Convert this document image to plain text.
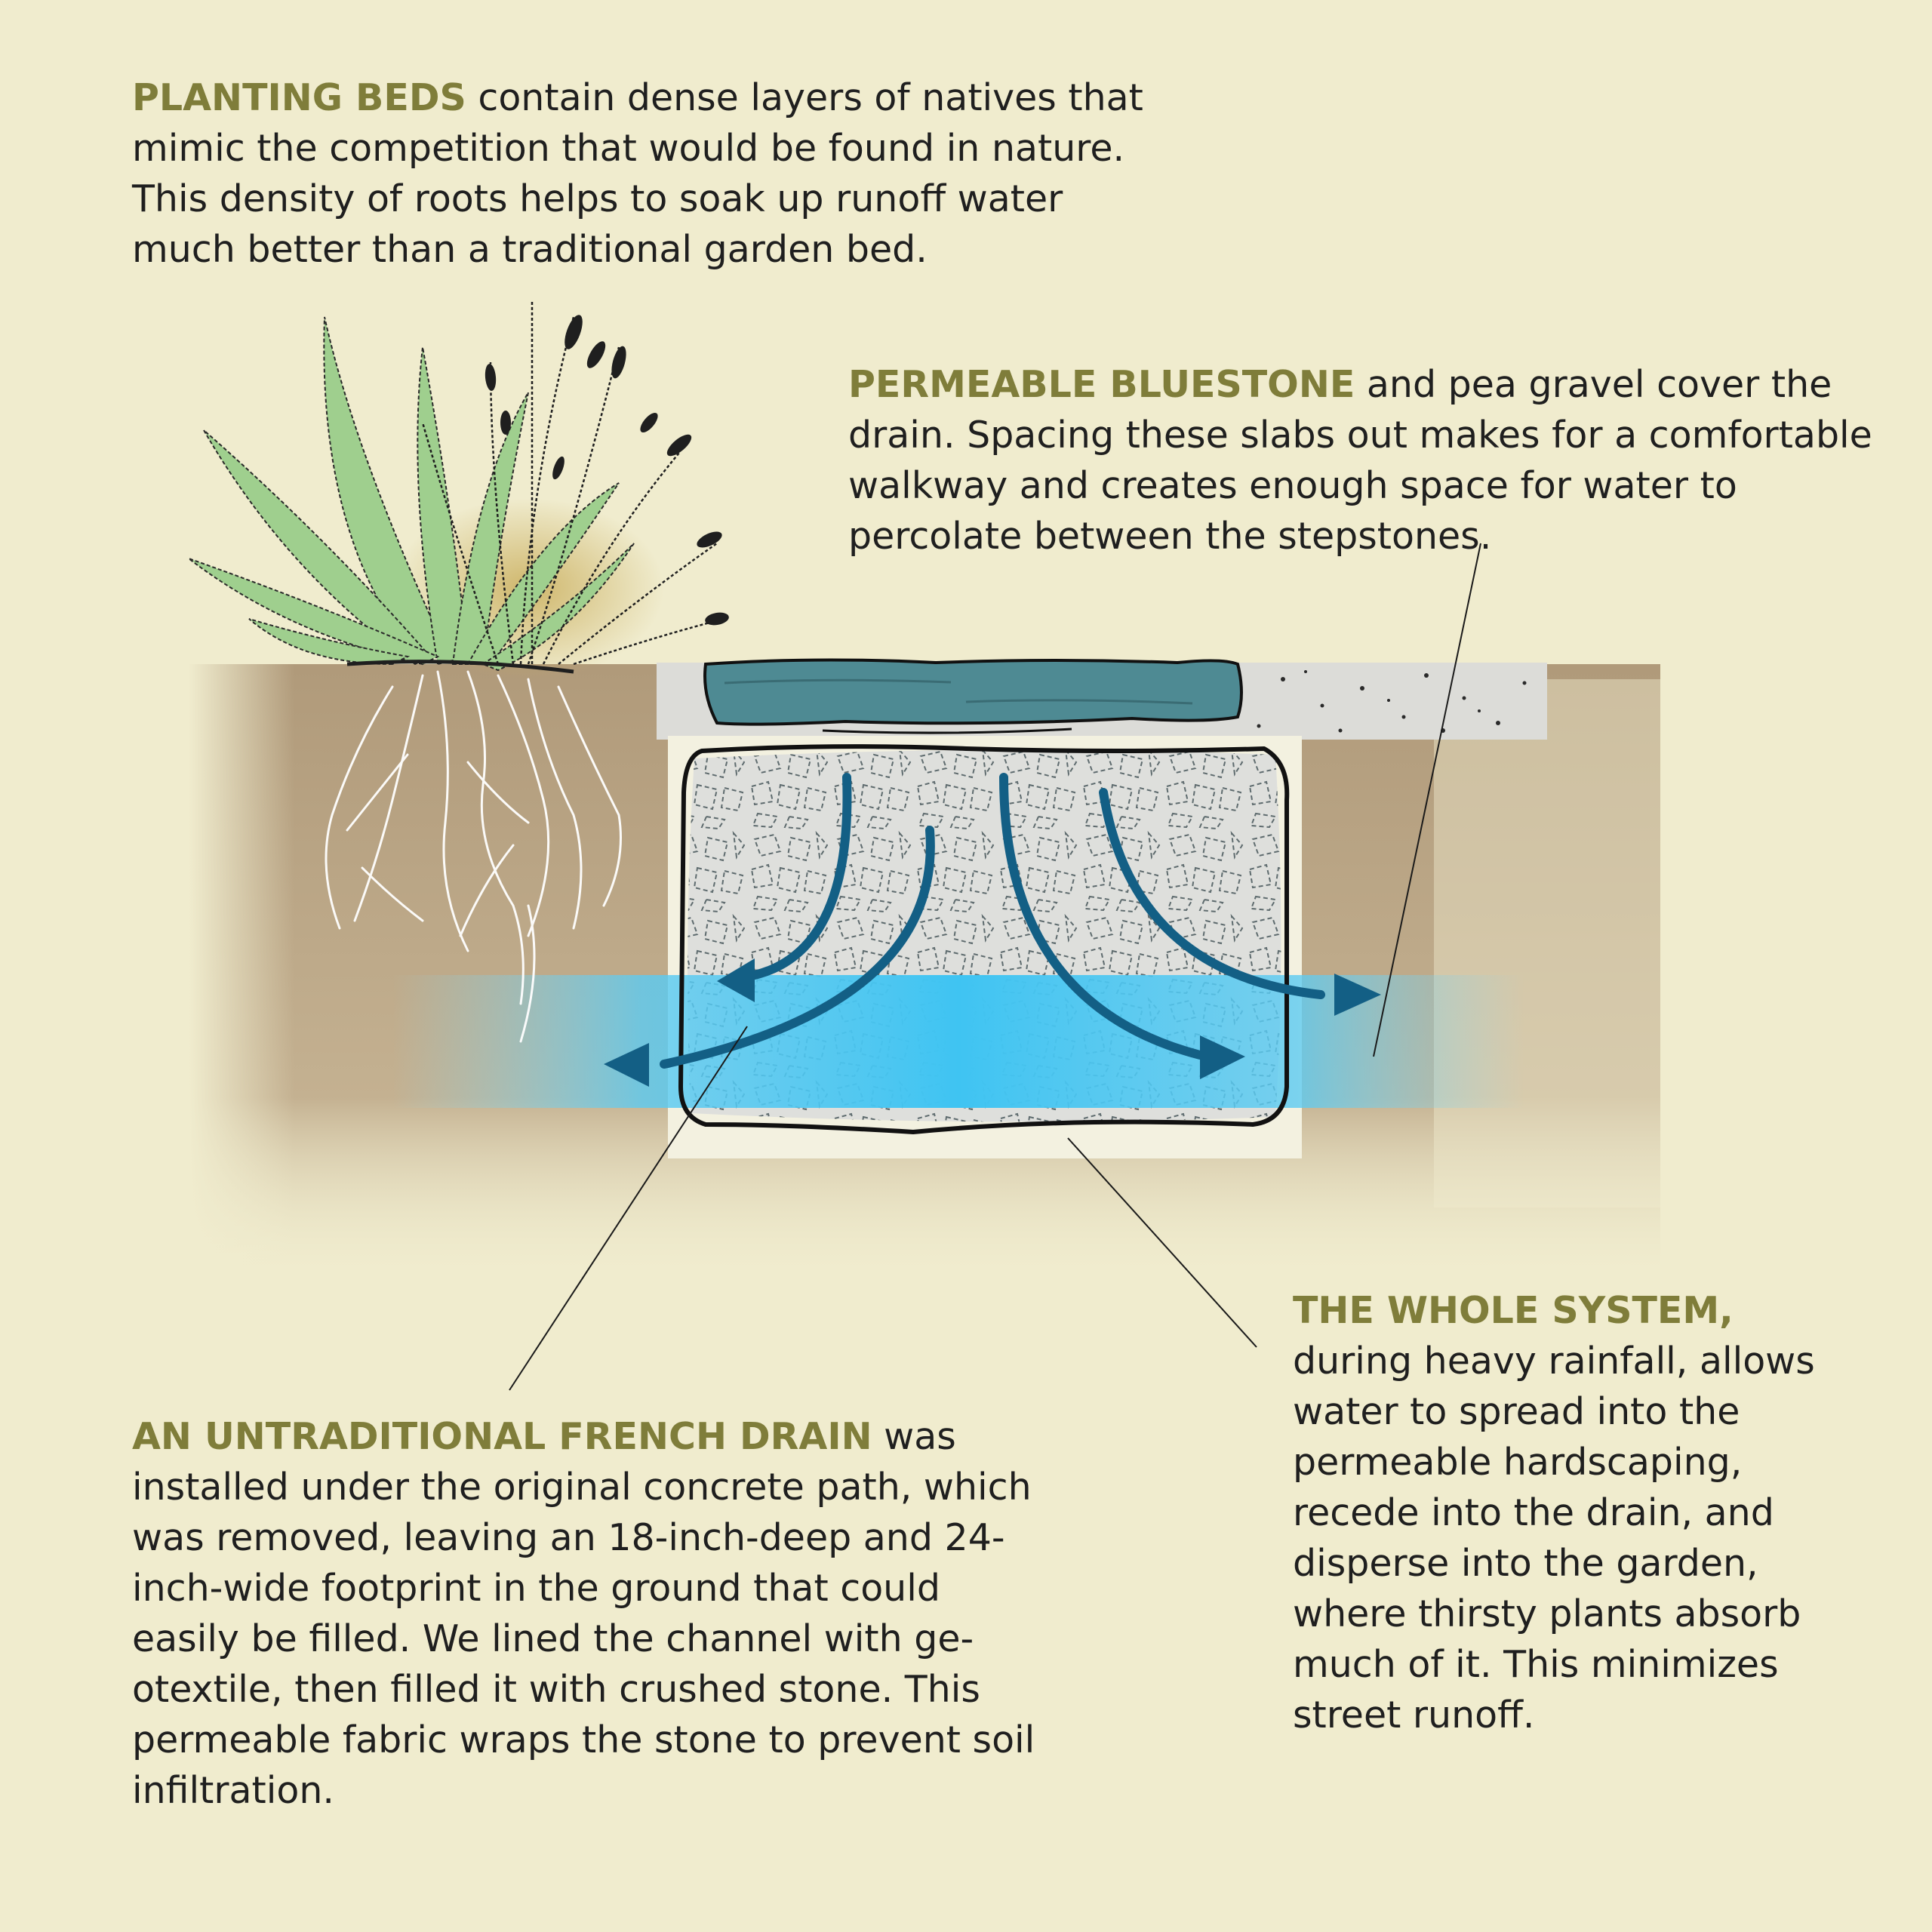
PLANTING BEDS contain dense layers of natives that mimic the competition that would be found in nature. This density of roots helps to soak up runoff water much better than a traditional garden bed.

PERMEABLE BLUESTONE and pea gravel cover the drain. Spacing these slabs out makes for a comfortable walkway and creates enough space for water to percolate between the stepstones.

AN UNTRADITIONAL FRENCH DRAIN was installed under the original concrete path, which was removed, leaving an 18-inch-deep and 24-inch-wide footprint in the ground that could easily be filled. We lined the channel with ge-otextile, then filled it with crushed stone. This permeable fabric wraps the stone to prevent soil infiltration.

THE WHOLE SYSTEM,
during heavy rainfall, allows water to spread into the permeable hardscaping, recede into the drain, and disperse into the garden, where thirsty plants absorb much of it. This minimizes street runoff.
